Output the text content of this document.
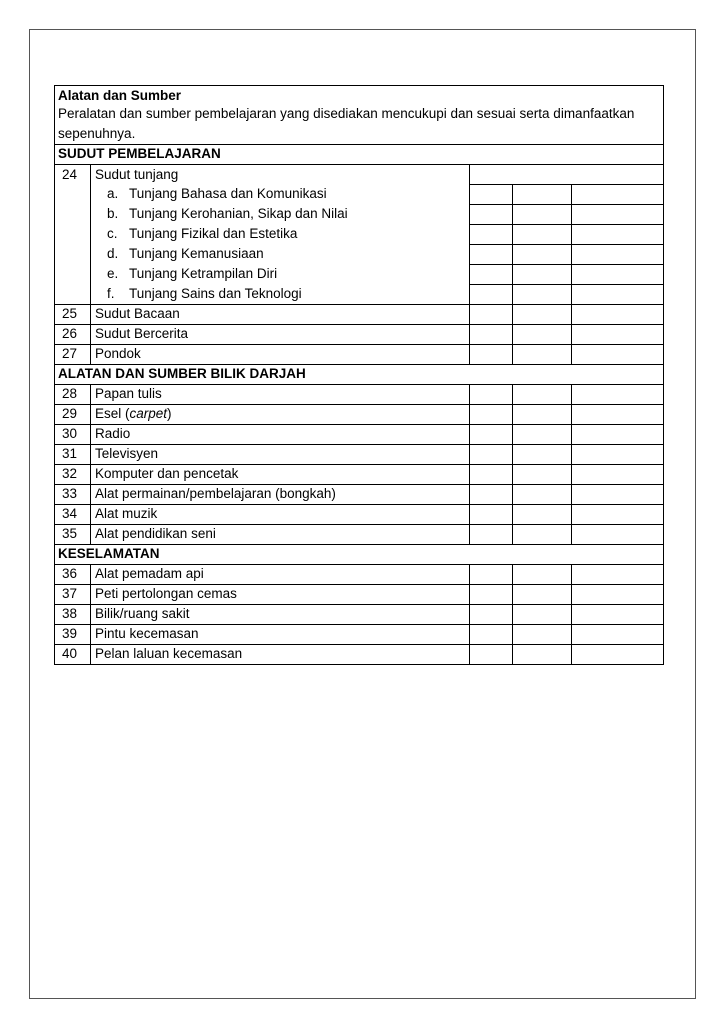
Alatan dan Sumber
Peralatan dan sumber pembelajaran yang disediakan mencukupi dan sesuai serta dimanfaatkan sepenuhnya.				

SUDUT PEMBELAJARAN				
24	Sudut tunjang			
	a. Tunjang Bahasa dan Komunikasi			
	b. Tunjang Kerohanian, Sikap dan Nilai			
	c. Tunjang Fizikal dan Estetika			
	d. Tunjang Kemanusiaan			
	e. Tunjang Ketrampilan Diri			
	f. Tunjang Sains dan Teknologi			
25	Sudut Bacaan			
26	Sudut Bercerita			
27	Pondok			
ALATAN DAN SUMBER BILIK DARJAH				
28	Papan tulis			
29	Esel (carpet)			
30	Radio			
31	Televisyen			
32	Komputer dan pencetak			
33	Alat permainan/pembelajaran (bongkah)			
34	Alat muzik			
35	Alat pendidikan seni			
KESELAMATAN				
36	Alat pemadam api			
37	Peti pertolongan cemas			
38	Bilik/ruang sakit			
39	Pintu kecemasan			
40	Pelan laluan kecemasan			
